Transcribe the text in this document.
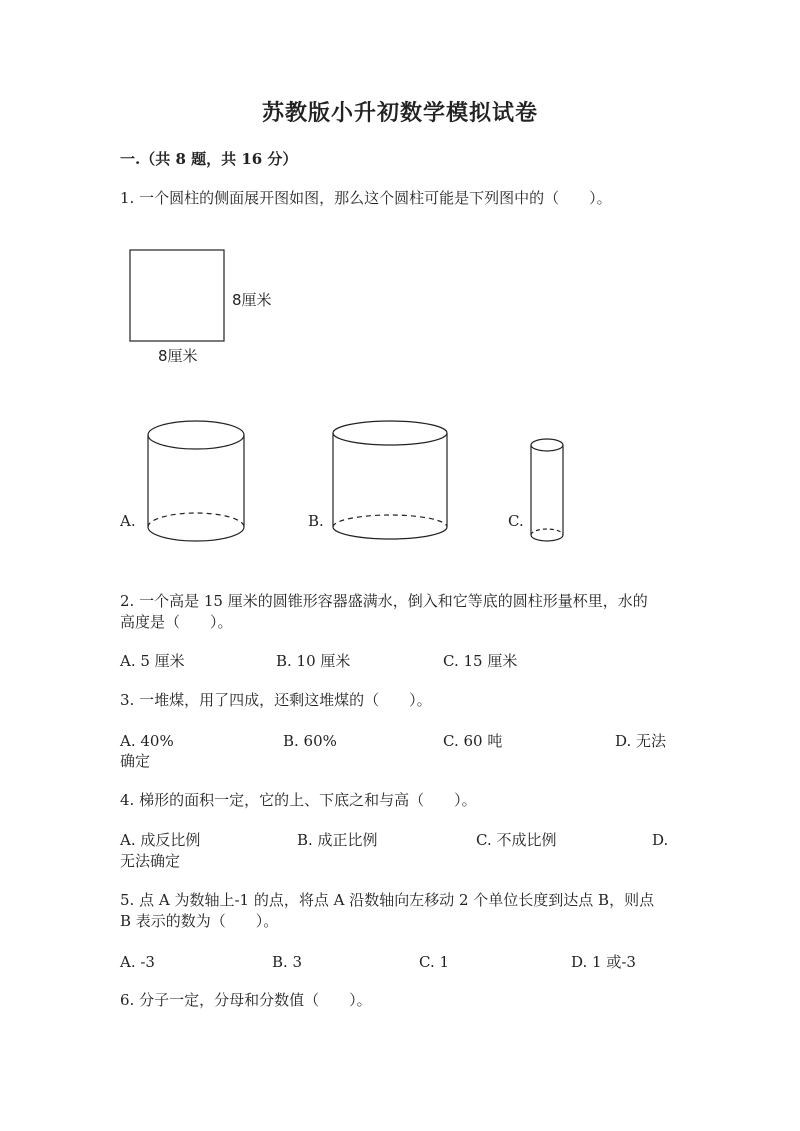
苏教版小升初数学模拟试卷
一.（共 8 题，共 16 分）
1. 一个圆柱的侧面展开图如图，那么这个圆柱可能是下列图中的（　　）。
8厘米
8厘米
A.	B.	C.
2. 一个高是 15 厘米的圆锥形容器盛满水，倒入和它等底的圆柱形量杯里，水的
高度是（　　）。
A. 5 厘米	B. 10 厘米	C. 15 厘米
3. 一堆煤，用了四成，还剩这堆煤的（　　）。
A. 40%	B. 60%	C. 60 吨	D. 无法
确定
4. 梯形的面积一定，它的上、下底之和与高（　　）。
A. 成反比例	B. 成正比例	C. 不成比例	D.
无法确定
5. 点 A 为数轴上-1 的点，将点 A 沿数轴向左移动 2 个单位长度到达点 B，则点
B 表示的数为（　　）。
A. -3	B. 3	C. 1	D. 1 或-3
6. 分子一定，分母和分数值（　　）。
